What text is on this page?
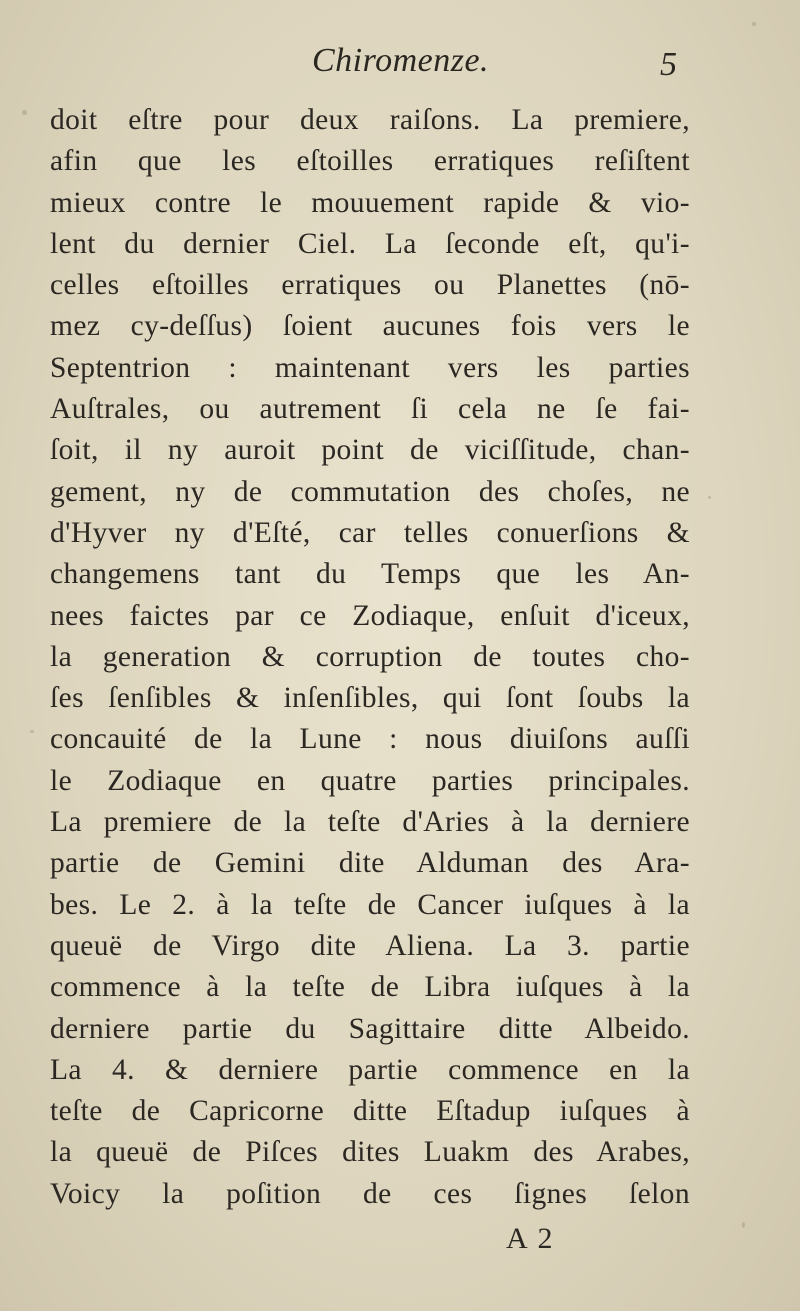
Chiromenze.	5
doit eſtre pour deux raiſons. La premiere,
afin que les eſtoilles erratiques reſiſtent
mieux contre le mouuement rapide & vio-
lent du dernier Ciel. La ſeconde eſt, qu'i-
celles eſtoilles erratiques ou Planettes (nō-
mez cy-deſſus) ſoient aucunes fois vers le
Septentrion : maintenant vers les parties
Auſtrales, ou autrement ſi cela ne ſe fai-
ſoit, il ny auroit point de viciſſitude, chan-
gement, ny de commutation des choſes, ne
d'Hyver ny d'Eſté, car telles conuerſions &
changemens tant du Temps que les An-
nees faictes par ce Zodiaque, enſuit d'iceux,
la generation & corruption de toutes cho-
ſes ſenſibles & inſenſibles, qui ſont ſoubs la
concauité de la Lune : nous diuiſons auſſi
le Zodiaque en quatre parties principales.
La premiere de la teſte d'Aries à la derniere
partie de Gemini dite Alduman des Ara-
bes. Le 2. à la teſte de Cancer iuſques à la
queuë de Virgo dite Aliena. La 3. partie
commence à la teſte de Libra iuſques à la
derniere partie du Sagittaire ditte Albeido.
La 4. & derniere partie commence en la
teſte de Capricorne ditte Eſtadup iuſques à
la queuë de Piſces dites Luakm des Arabes,
Voicy la poſition de ces ſignes ſelon
A 2
